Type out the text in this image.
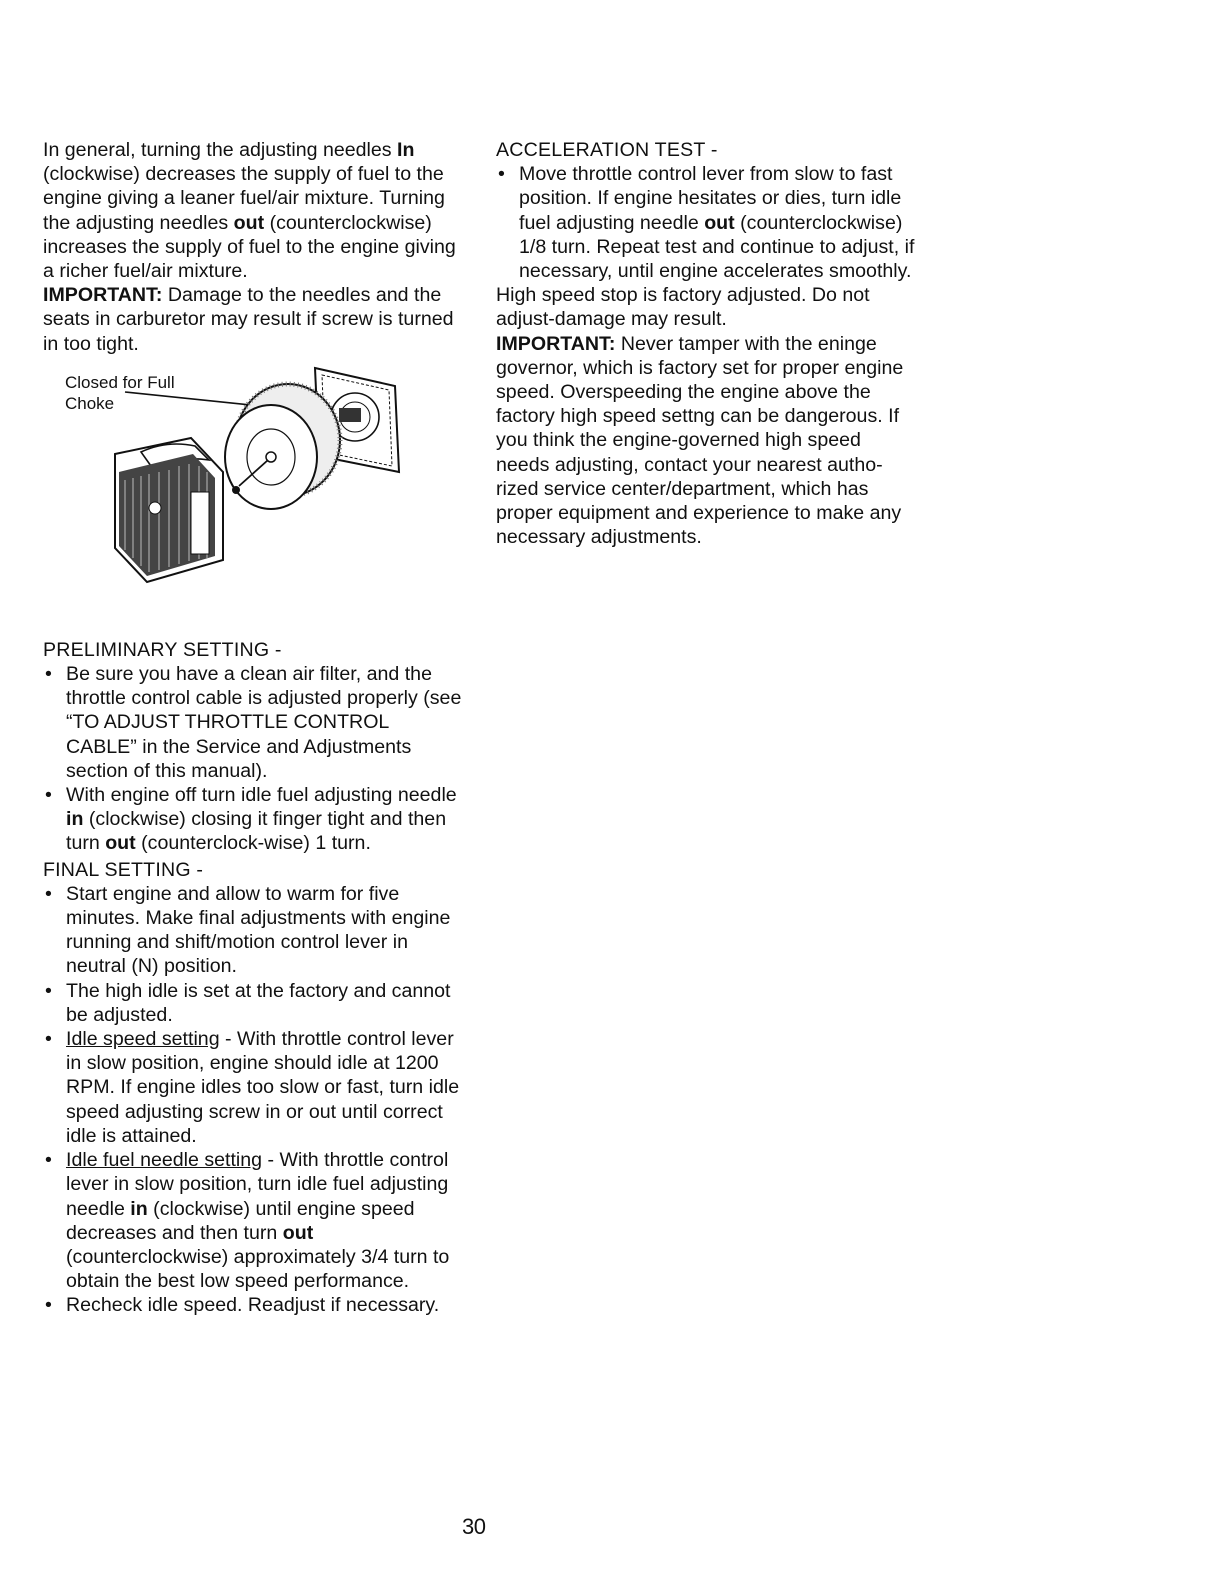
In general, turning the adjusting needles In (clockwise) decreases the supply of fuel to the engine giving a leaner fuel/air mixture. Turning the adjusting needles out (counterclockwise) increases the supply of fuel to the engine giving a richer fuel/air mixture.

IMPORTANT: Damage to the needles and the seats in carburetor may result if screw is turned in too tight.

Closed for Full
Choke

PRELIMINARY SETTING -

• Be sure you have a clean air filter, and the throttle control cable is adjusted properly (see “TO ADJUST THROTTLE CONTROL CABLE” in the Service and Adjustments section of this manual).
• With engine off turn idle fuel adjusting needle in (clockwise) closing it finger tight and then turn out (counterclock-wise) 1 turn.

FINAL SETTING -

• Start engine and allow to warm for five minutes. Make final adjustments with engine running and shift/motion control lever in neutral (N) position.
• The high idle is set at the factory and cannot be adjusted.
• Idle speed setting - With throttle control lever in slow position, engine should idle at 1200 RPM. If engine idles too slow or fast, turn idle speed adjusting screw in or out until correct idle is attained.
• Idle fuel needle setting - With throttle control lever in slow position, turn idle fuel adjusting needle in (clockwise) until engine speed decreases and then turn out (counterclockwise) approximately 3/4 turn to obtain the best low speed performance.
• Recheck idle speed. Readjust if necessary.

ACCELERATION TEST -

• Move throttle control lever from slow to fast position. If engine hesitates or dies, turn idle fuel adjusting needle out (counterclockwise) 1/8 turn. Repeat test and continue to adjust, if necessary, until engine accelerates smoothly.

High speed stop is factory adjusted. Do not adjust-damage may result.

IMPORTANT: Never tamper with the eninge governor, which is factory set for proper engine speed. Overspeeding the engine above the factory high speed settng can be dangerous. If you think the engine-governed high speed needs adjusting, contact your nearest autho-rized service center/department, which has proper equipment and experience to make any necessary adjustments.

30
